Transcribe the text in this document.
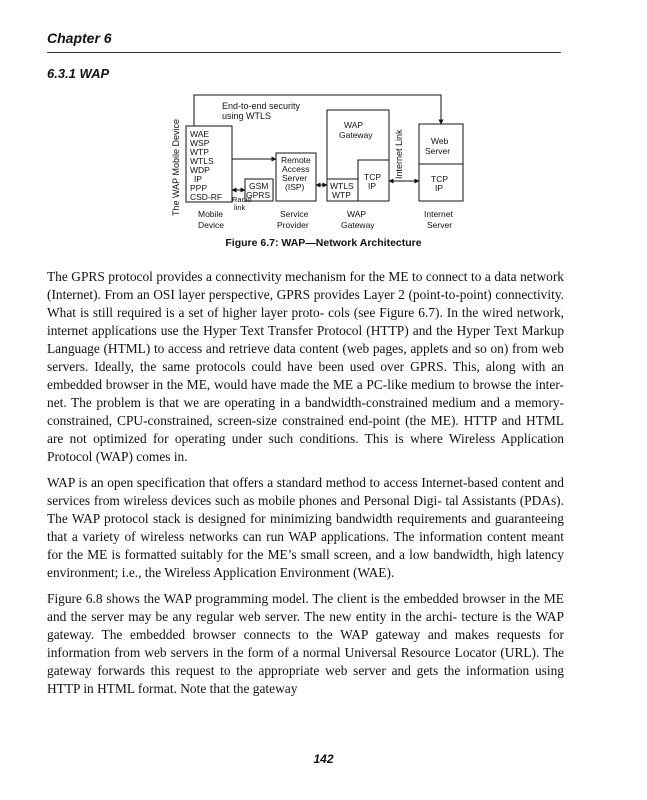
Chapter 6
6.3.1 WAP
The WAP Mobile Device	Internet Link
End-to-end security
using WTLS
WAE
WSP
WTP
WTLS
WDP
IP
PPP
CSD-RF Radio
link
GSM
GPRS
Remote
Access
Server
(ISP)
WAP
Gateway
WTLS
WTP
TCP
IP
Web
Server
TCP
IP
Mobile
Device
Service
Provider
WAP
Gateway
Internet
Server
Figure 6.7: WAP—Network Architecture

The GPRS protocol provides a connectivity mechanism for the ME to connect to a data network (Internet). From an OSI layer perspective, GPRS provides Layer 2 (point-to-point) connectivity. What is still required is a set of higher layer proto- cols (see Figure 6.7). In the wired network, internet applications use the Hyper Text Transfer Protocol (HTTP) and the Hyper Text Markup Language (HTML) to access and retrieve data content (web pages, applets and so on) from web servers. Ideally, the same protocols could have been used over GPRS. This, along with an embedded browser in the ME, would have made the ME a PC-like medium to browse the inter- net. The problem is that we are operating in a bandwidth-constrained medium and a memory-constrained, CPU-constrained, screen-size constrained end-point (the ME). HTTP and HTML are not optimized for operating under such conditions. This is where Wireless Application Protocol (WAP) comes in.

WAP is an open specification that offers a standard method to access Internet-based content and services from wireless devices such as mobile phones and Personal Digi- tal Assistants (PDAs). The WAP protocol stack is designed for minimizing bandwidth requirements and guaranteeing that a variety of wireless networks can run WAP applications. The information content meant for the ME is formatted suitably for the ME’s small screen, and a low bandwidth, high latency environment; i.e., the Wireless Application Environment (WAE).

Figure 6.8 shows the WAP programming model. The client is the embedded browser in the ME and the server may be any regular web server. The new entity in the archi- tecture is the WAP gateway. The embedded browser connects to the WAP gateway and makes requests for information from web servers in the form of a normal Universal Resource Locator (URL). The gateway forwards this request to the appropriate web server and gets the information using HTTP in HTML format. Note that the gateway

142
